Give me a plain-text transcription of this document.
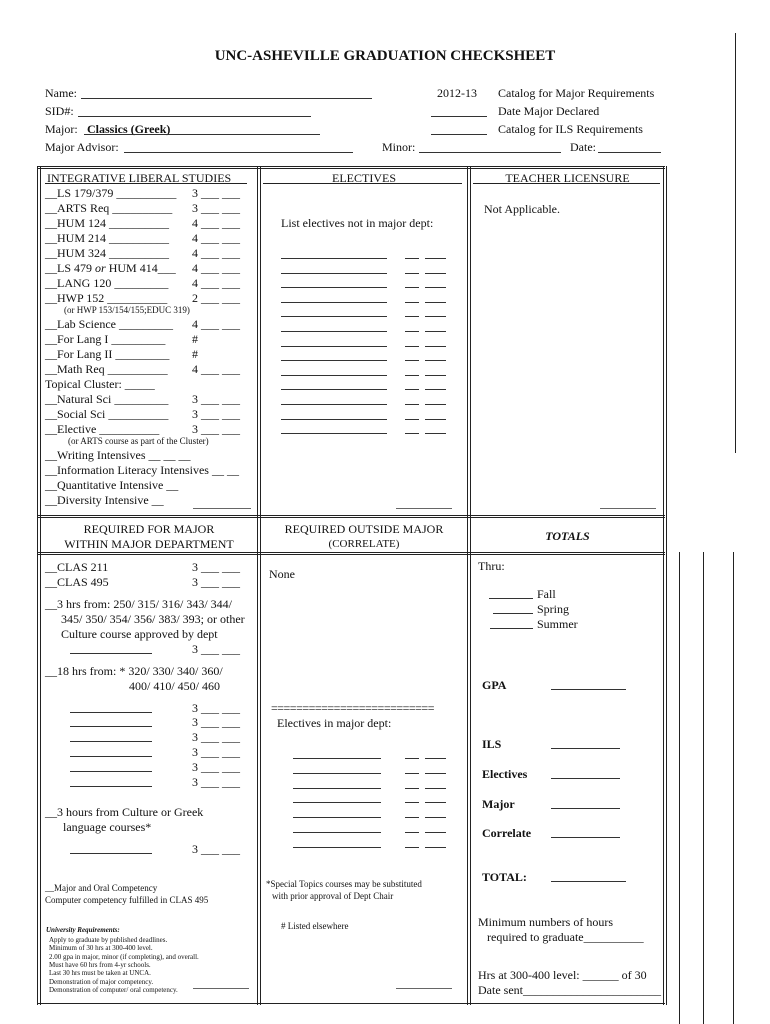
UNC-ASHEVILLE GRADUATION CHECKSHEET
Name:
SID#:
Major: Classics (Greek)
Major Advisor:
2012-13 Catalog for Major Requirements
Date Major Declared
Catalog for ILS Requirements
Minor:	Date:
INTEGRATIVE LIBERAL STUDIES	ELECTIVES	TEACHER LICENSURE
__LS 179/379 __________ 3 ___ ___
__ARTS Req __________ 3 ___ ___
__HUM 124 __________ 4 ___ ___
__HUM 214 __________ 4 ___ ___
__HUM 324 __________ 4 ___ ___
__LS 479 or HUM 414___ 4 ___ ___
__LANG 120 _________ 4 ___ ___
__HWP 152 __________ 2 ___ ___
(or HWP 153/154/155;EDUC 319)
__Lab Science _________ 4 ___ ___
__For Lang I _________ #
__For Lang II _________ #
__Math Req __________ 4 ___ ___
Topical Cluster: _____
__Natural Sci _________ 3 ___ ___
__Social Sci __________ 3 ___ ___
__Elective __________	3 ___ ___
(or ARTS course as part of the Cluster)
__Writing Intensives __ __ __
__Information Literacy Intensives __ __
__Quantitative Intensive __
__Diversity Intensive __
List electives not in major dept:
Not Applicable.
REQUIRED FOR MAJOR
WITHIN MAJOR DEPARTMENT
REQUIRED OUTSIDE MAJOR
(CORRELATE)
TOTALS
__CLAS 211	3 ___ ___
__CLAS 495	3 ___ ___
__3 hrs from: 250/ 315/ 316/ 343/ 344/
345/ 350/ 354/ 356/ 383/ 393; or other
Culture course approved by dept
3 ___ ___
__18 hrs from: * 320/ 330/ 340/ 360/
400/ 410/ 450/ 460
3 ___ ___
3 ___ ___
3 ___ ___
3 ___ ___
3 ___ ___
3 ___ ___
__3 hours from Culture or Greek
language courses*
3 ___ ___
__Major and Oral Competency
Computer competency fulfilled in CLAS 495
University Requirements:
Apply to graduate by published deadlines.
Minimum of 30 hrs at 300-400 level.
2.00 gpa in major, minor (if completing), and overall.
Must have 60 hrs from 4-yr schools.
Last 30 hrs must be taken at UNCA.
Demonstration of major competency.
Demonstration of computer/ oral competency.
None
==========================
Electives in major dept:
*Special Topics courses may be substituted
with prior approval of Dept Chair
# Listed elsewhere
Thru:
Fall
Spring
Summer
GPA
ILS
Electives
Major
Correlate
TOTAL:
Minimum numbers of hours
required to graduate__________
Hrs at 300-400 level: ______ of 30
Date sent_______________________
